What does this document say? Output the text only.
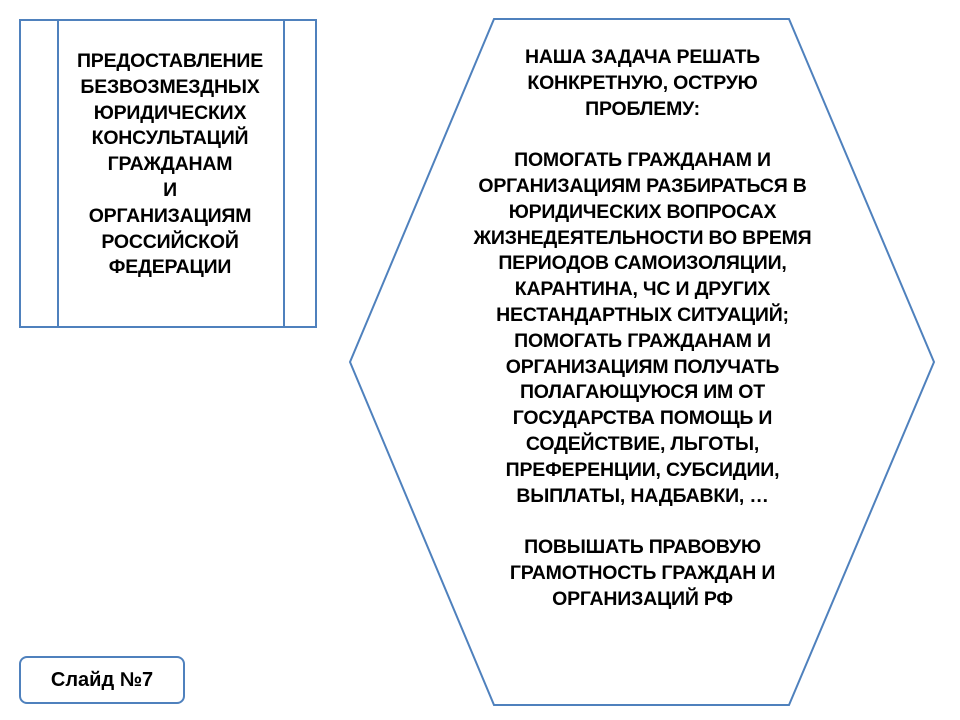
ПРЕДОСТАВЛЕНИЕ
БЕЗВОЗМЕЗДНЫХ
ЮРИДИЧЕСКИХ
КОНСУЛЬТАЦИЙ
ГРАЖДАНАМ
И
ОРГАНИЗАЦИЯМ
РОССИЙСКОЙ
ФЕДЕРАЦИИ
НАША ЗАДАЧА РЕШАТЬ
КОНКРЕТНУЮ, ОСТРУЮ
ПРОБЛЕМУ:
ПОМОГАТЬ ГРАЖДАНАМ И
ОРГАНИЗАЦИЯМ РАЗБИРАТЬСЯ В
ЮРИДИЧЕСКИХ ВОПРОСАХ
ЖИЗНЕДЕЯТЕЛЬНОСТИ ВО ВРЕМЯ
ПЕРИОДОВ САМОИЗОЛЯЦИИ,
КАРАНТИНА, ЧС И ДРУГИХ
НЕСТАНДАРТНЫХ СИТУАЦИЙ;
ПОМОГАТЬ ГРАЖДАНАМ И
ОРГАНИЗАЦИЯМ ПОЛУЧАТЬ
ПОЛАГАЮЩУЮСЯ ИМ ОТ
ГОСУДАРСТВА ПОМОЩЬ И
СОДЕЙСТВИЕ, ЛЬГОТЫ,
ПРЕФЕРЕНЦИИ, СУБСИДИИ,
ВЫПЛАТЫ, НАДБАВКИ, …
ПОВЫШАТЬ ПРАВОВУЮ
ГРАМОТНОСТЬ ГРАЖДАН И
ОРГАНИЗАЦИЙ РФ
Слайд №7
